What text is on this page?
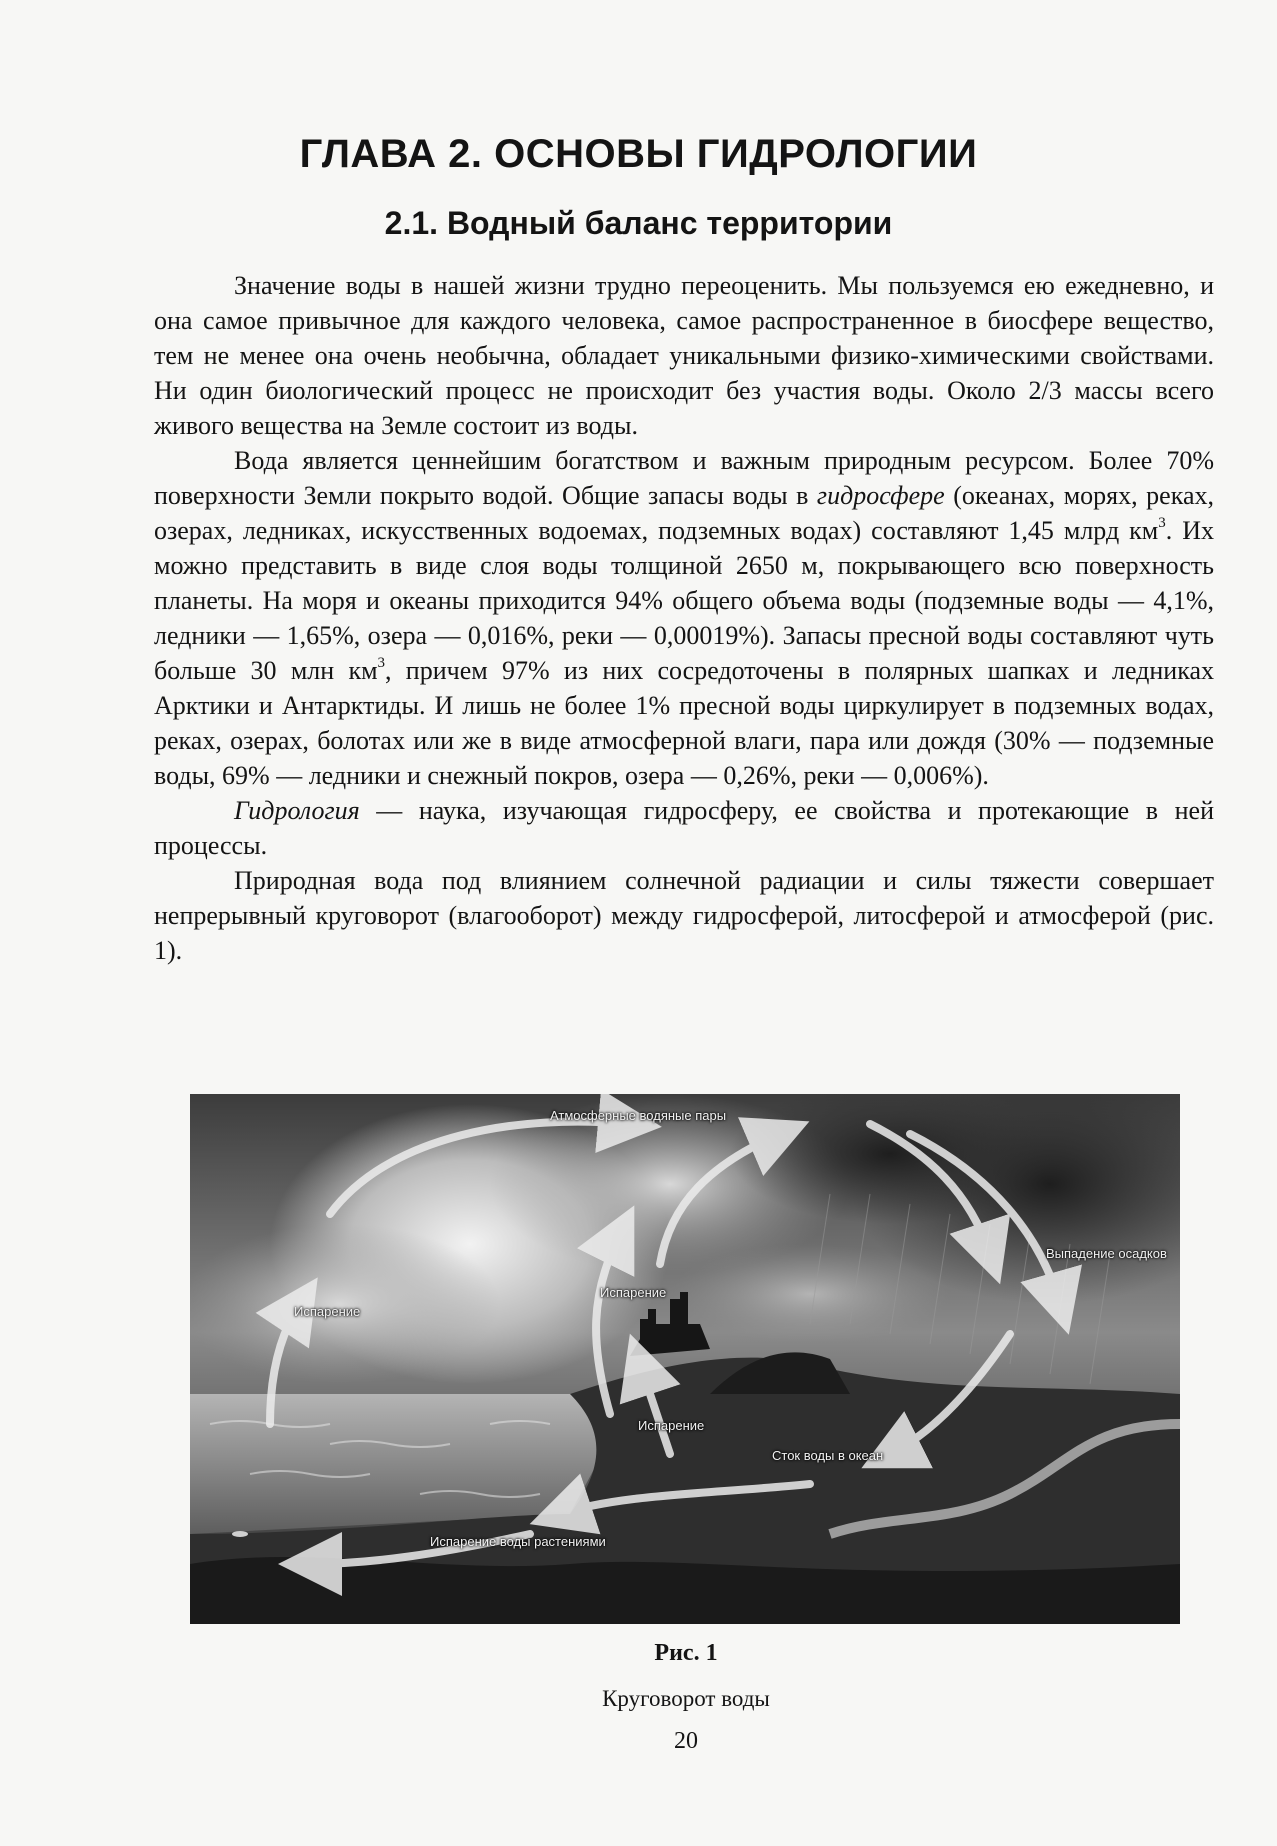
ГЛАВА 2. ОСНОВЫ ГИДРОЛОГИИ
2.1. Водный баланс территории

Значение воды в нашей жизни трудно переоценить. Мы пользуемся ею ежедневно, и она самое привычное для каждого человека, самое распространенное в биосфере вещество, тем не менее она очень необычна, обладает уникальными физико-химическими свойствами. Ни один биологический процесс не происходит без участия воды. Около 2/3 массы всего живого вещества на Земле состоит из воды.

Вода является ценнейшим богатством и важным природным ресурсом. Более 70% поверхности Земли покрыто водой. Общие запасы воды в гидросфере (океанах, морях, реках, озерах, ледниках, искусственных водоемах, подземных водах) составляют 1,45 млрд $км^3$. Их можно представить в виде слоя воды толщиной 2650 м, покрывающего всю поверхность планеты. На моря и океаны приходится 94% общего объема воды (подземные воды — 4,1%, ледники — 1,65%, озера — 0,016%, реки — 0,00019%). Запасы пресной воды составляют чуть больше 30 млн $км^3$, причем 97% из них сосредоточены в полярных шапках и ледниках Арктики и Антарктиды. И лишь не более 1% пресной воды циркулирует в подземных водах, реках, озерах, болотах или же в виде атмосферной влаги, пара или дождя (30% — подземные воды, 69% — ледники и снежный покров, озера — 0,26%, реки — 0,006%).

Гидрология — наука, изучающая гидросферу, ее свойства и протекающие в ней процессы.

Природная вода под влиянием солнечной радиации и силы тяжести совершает непрерывный круговорот (влагооборот) между гидросферой, литосферой и атмосферой (рис. 1).

Атмосферные водяные пары
Выпадение осадков
Испарение
Испарение
Испарение
Сток воды в океан
Испарение воды растениями

Рис. 1

Круговорот воды

20
